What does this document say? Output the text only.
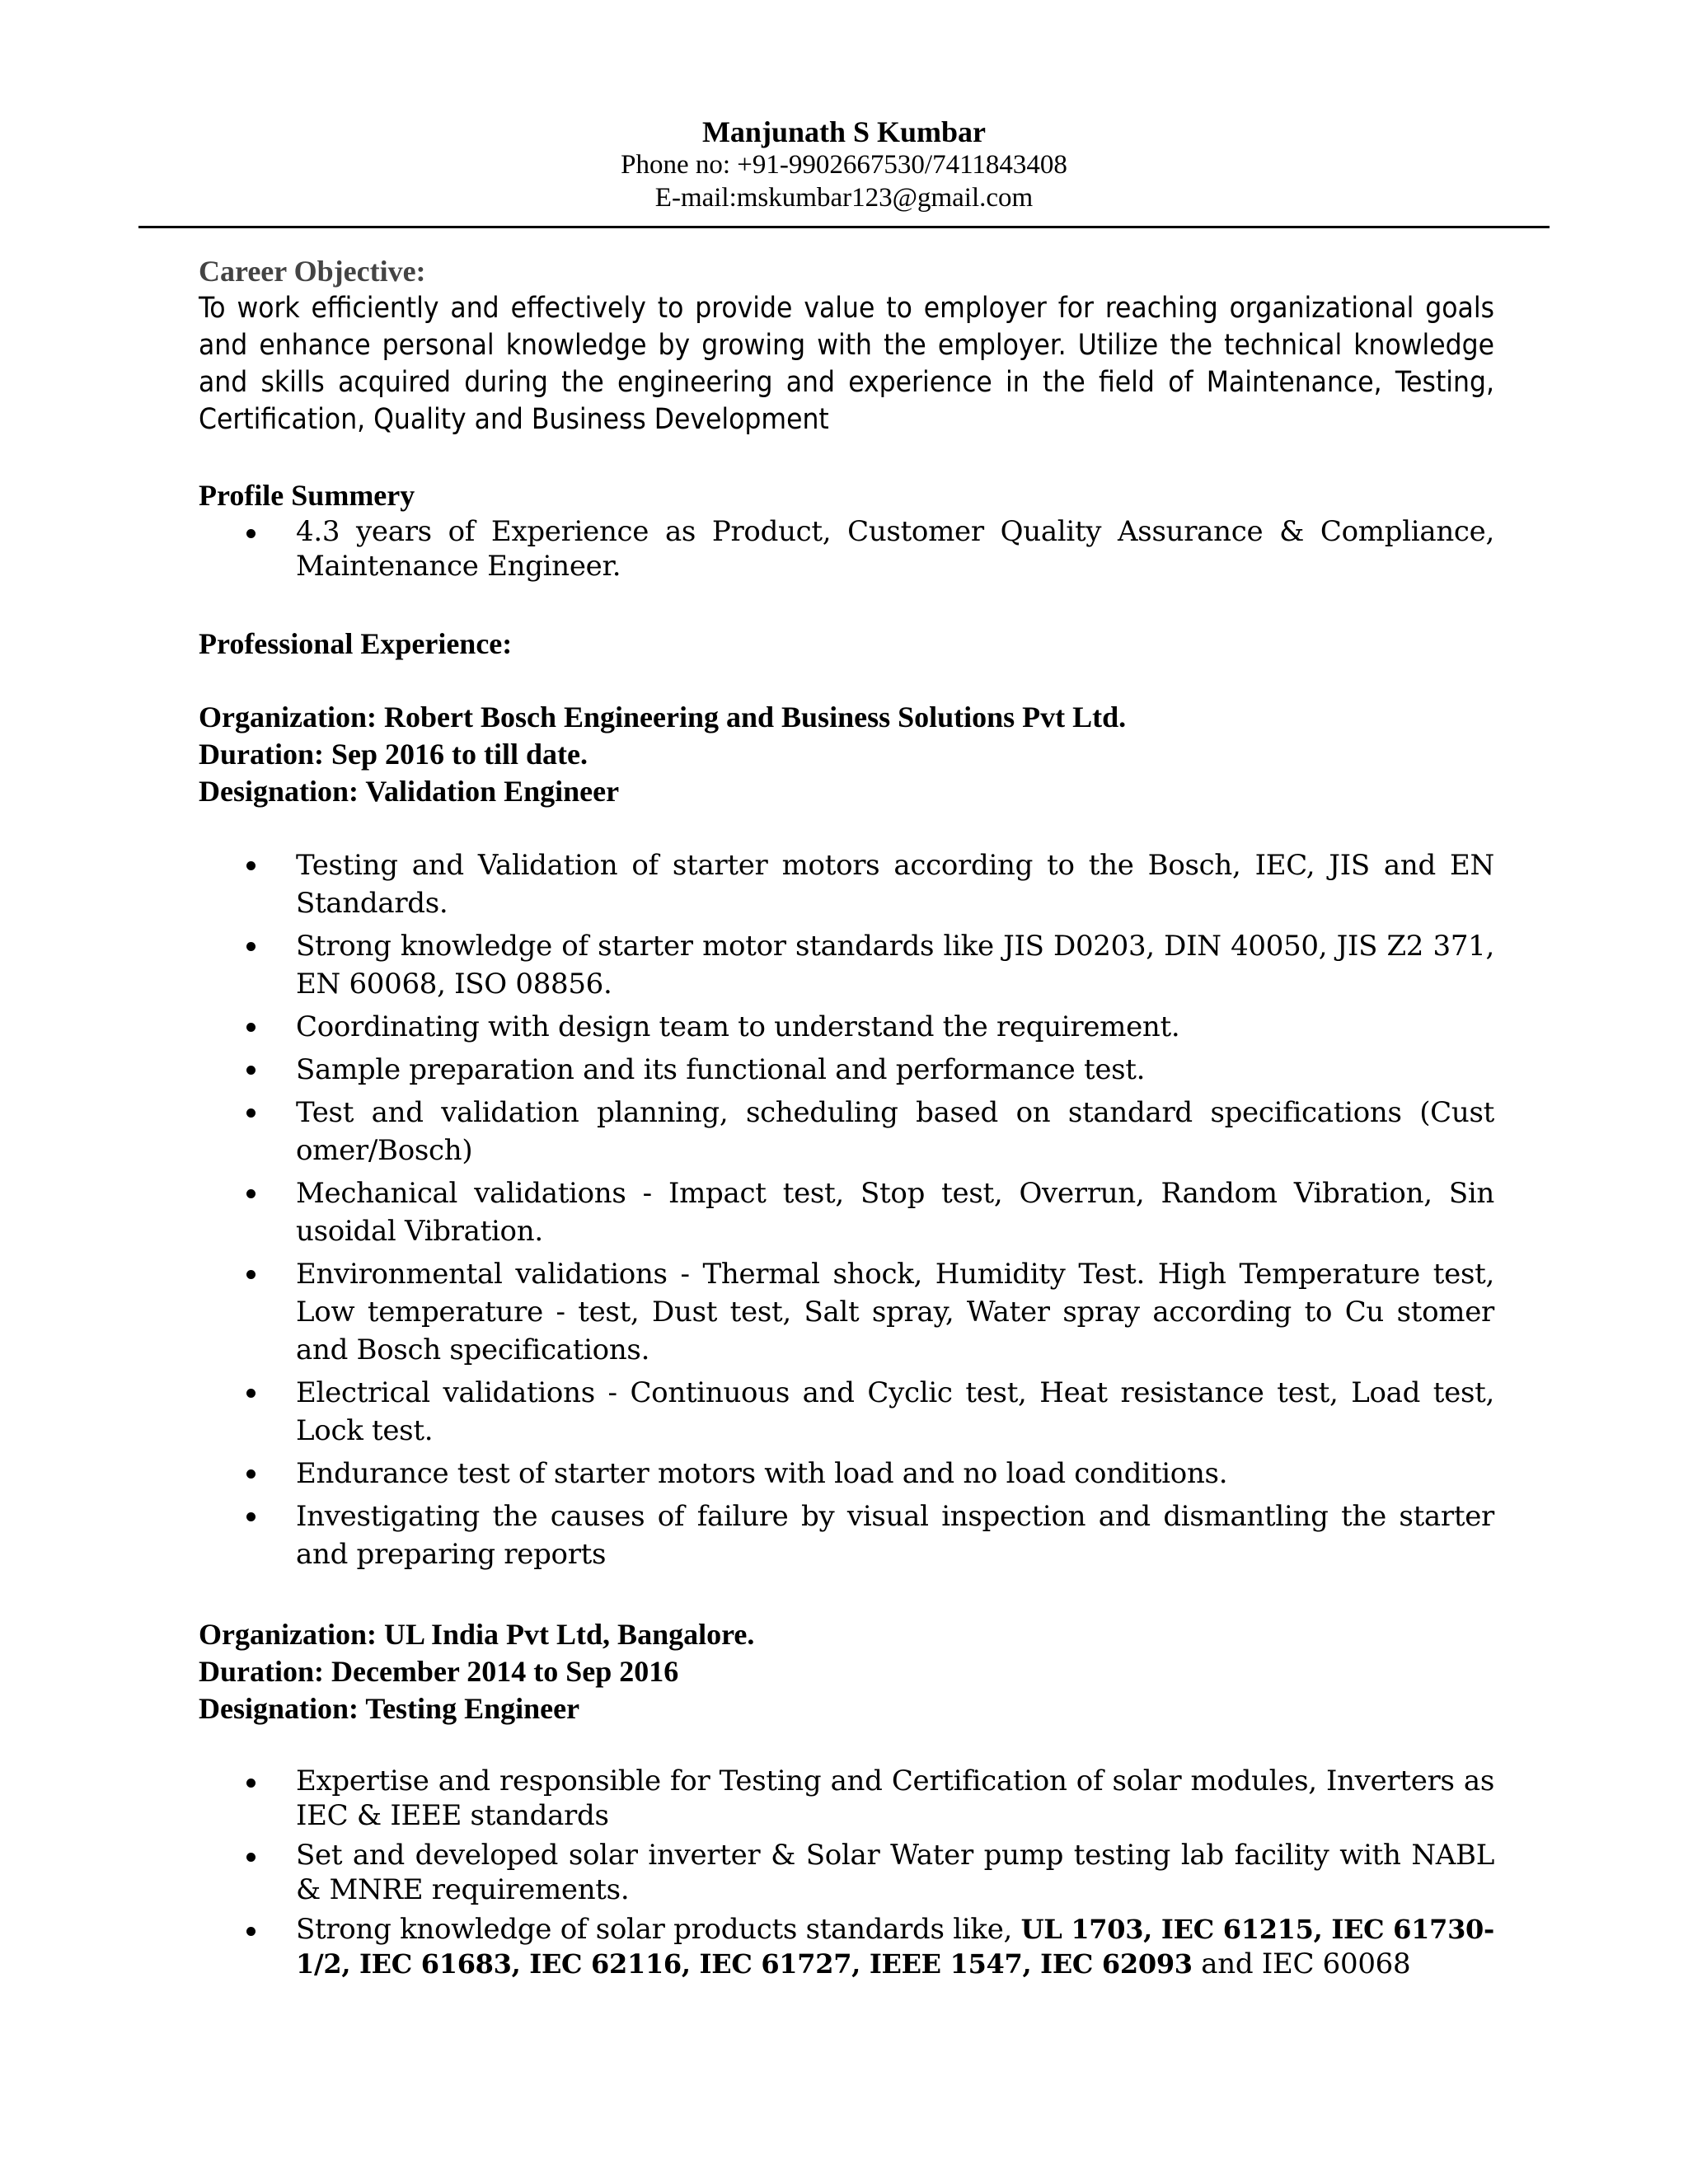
Manjunath S Kumbar

Phone no: +91-9902667530/7411843408

E-mail:mskumbar123@gmail.com

Career Objective:

To work efficiently and effectively to provide value to employer for reaching organizational goals and enhance personal knowledge by growing with the employer. Utilize the technical knowledge and skills acquired during the engineering and experience in the field of Maintenance, Testing, Certification, Quality and Business Development

Profile Summery

4.3 years of Experience as Product, Customer Quality Assurance & Compliance, Maintenance Engineer.

Professional Experience:

Organization: Robert Bosch Engineering and Business Solutions Pvt Ltd.

Duration: Sep 2016 to till date.

Designation: Validation Engineer

Testing and Validation of starter motors according to the Bosch, IEC, JIS and EN Standards.
Strong knowledge of starter motor standards like JIS D0203, DIN 40050, JIS Z2 371, EN 60068, ISO 08856.
Coordinating with design team to understand the requirement.
Sample preparation and its functional and performance test.
Test and validation planning, scheduling based on standard specifications (Cust omer/Bosch)
Mechanical validations - Impact test, Stop test, Overrun, Random Vibration, Sin usoidal Vibration.
Environmental validations - Thermal shock, Humidity Test. High Temperature test, Low temperature - test, Dust test, Salt spray, Water spray according to Cu stomer and Bosch specifications.
Electrical validations - Continuous and Cyclic test, Heat resistance test, Load test, Lock test.
Endurance test of starter motors with load and no load conditions.
Investigating the causes of failure by visual inspection and dismantling the starter and preparing reports

Organization: UL India Pvt Ltd, Bangalore.

Duration: December 2014 to Sep 2016

Designation: Testing Engineer

Expertise and responsible for Testing and Certification of solar modules, Inverters as IEC & IEEE standards
Set and developed solar inverter & Solar Water pump testing lab facility with NABL & MNRE requirements.
Strong knowledge of solar products standards like, UL 1703, IEC 61215, IEC 61730-1/2, IEC 61683, IEC 62116, IEC 61727, IEEE 1547, IEC 62093 and IEC 60068
